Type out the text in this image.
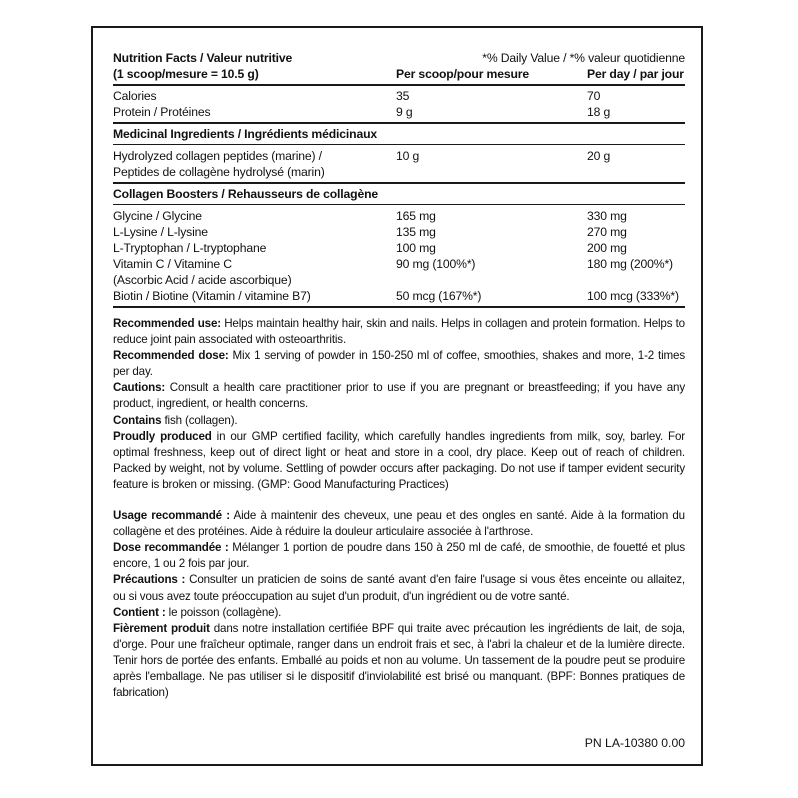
Nutrition Facts / Valeur nutritive	*% Daily Value / *% valeur quotidienne
(1 scoop/mesure = 10.5 g)	Per scoop/pour mesure	Per day / par jour
Calories	35	70
Protein / Protéines	9 g	18 g
Medicinal Ingredients / Ingrédients médicinaux
Hydrolyzed collagen peptides (marine) /	10 g	20 g
Peptides de collagène hydrolysé (marin)
Collagen Boosters / Rehausseurs de collagène
Glycine / Glycine	165 mg	330 mg
L-Lysine / L-lysine	135 mg	270 mg
L-Tryptophan / L-tryptophane	100 mg	200 mg
Vitamin C / Vitamine C	90 mg (100%*)	180 mg (200%*)
(Ascorbic Acid / acide ascorbique)
Biotin / Biotine (Vitamin / vitamine B7)	50 mcg (167%*)	100 mcg (333%*)

Recommended use: Helps maintain healthy hair, skin and nails. Helps in collagen and protein formation. Helps to reduce joint pain associated with osteoarthritis.

Recommended dose: Mix 1 serving of powder in 150-250 ml of coffee, smoothies, shakes and more, 1-2 times per day.

Cautions: Consult a health care practitioner prior to use if you are pregnant or breastfeeding; if you have any product, ingredient, or health concerns.

Contains fish (collagen).

Proudly produced in our GMP certified facility, which carefully handles ingredients from milk, soy, barley. For optimal freshness, keep out of direct light or heat and store in a cool, dry place. Keep out of reach of children. Packed by weight, not by volume. Settling of powder occurs after packaging. Do not use if tamper evident security feature is broken or missing. (GMP: Good Manufacturing Practices)

Usage recommandé : Aide à maintenir des cheveux, une peau et des ongles en santé. Aide à la formation du collagène et des protéines. Aide à réduire la douleur articulaire associée à l'arthrose.

Dose recommandée : Mélanger 1 portion de poudre dans 150 à 250 ml de café, de smoothie, de fouetté et plus encore, 1 ou 2 fois par jour.

Précautions : Consulter un praticien de soins de santé avant d'en faire l'usage si vous êtes enceinte ou allaitez, ou si vous avez toute préoccupation au sujet d'un produit, d'un ingrédient ou de votre santé.

Contient : le poisson (collagène).

Fièrement produit dans notre installation certifiée BPF qui traite avec précaution les ingrédients de lait, de soja, d'orge. Pour une fraîcheur optimale, ranger dans un endroit frais et sec, à l'abri la chaleur et de la lumière directe. Tenir hors de portée des enfants. Emballé au poids et non au volume. Un tassement de la poudre peut se produire après l'emballage. Ne pas utiliser si le dispositif d'inviolabilité est brisé ou manquant. (BPF: Bonnes pratiques de fabrication)

PN LA-10380 0.00
